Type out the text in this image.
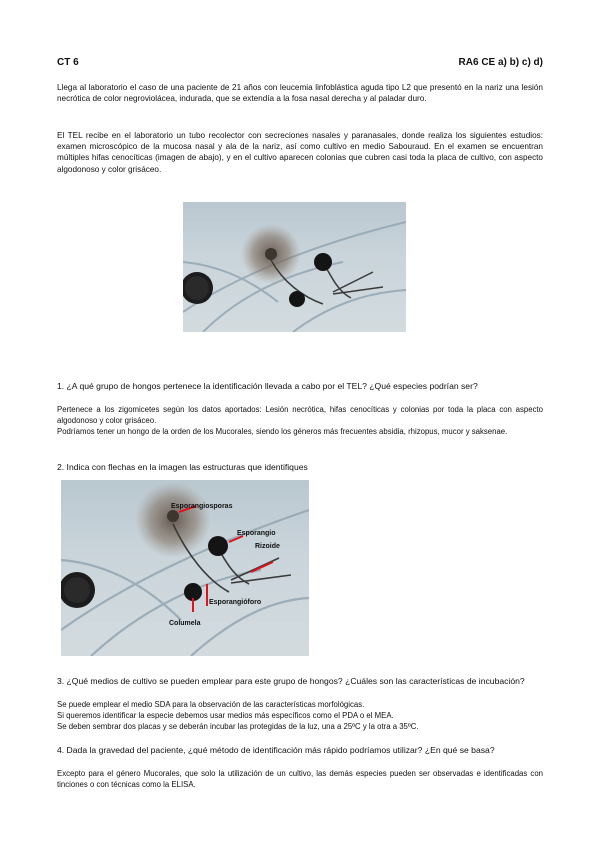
CT 6	RA6 CE a) b) c) d)

Llega al laboratorio el caso de una paciente de 21 años con leucemia linfoblástica aguda tipo L2 que presentó en la nariz una lesión necrótica de color negroviolácea, indurada, que se extendía a la fosa nasal derecha y al paladar duro.

El TEL recibe en el laboratorio un tubo recolector con secreciones nasales y paranasales, donde realiza los siguientes estudios: examen microscópico de la mucosa nasal y ala de la nariz, así como cultivo en medio Sabouraud. En el examen se encuentran múltiples hifas cenocíticas (imagen de abajo), y en el cultivo aparecen colonias que cubren casi toda la placa de cultivo, con aspecto algodonoso y color grisáceo.

1. ¿A qué grupo de hongos pertenece la identificación llevada a cabo por el TEL? ¿Qué especies podrían ser?

Pertenece a los zigomicetes según los datos aportados: Lesión necrótica, hifas cenocíticas y colonias por toda la placa con aspecto algodonoso y color grisáceo.

Podríamos tener un hongo de la orden de los Mucorales, siendo los géneros más frecuentes absidia, rhizopus, mucor y saksenae.

2. Indica con flechas en la imagen las estructuras que identifiques

Esporangiosporas
Esporangio
Rizoide
Esporangióforo
Columela

3. ¿Qué medios de cultivo se pueden emplear para este grupo de hongos? ¿Cuáles son las características de incubación?

Se puede emplear el medio SDA para la observación de las características morfológicas.

Si queremos identificar la especie debemos usar medios más específicos como el PDA o el MEA.

Se deben sembrar dos placas y se deberán incubar las protegidas de la luz, una a 25ºC y la otra a 35ºC.

4. Dada la gravedad del paciente, ¿qué método de identificación más rápido podríamos utilizar? ¿En qué se basa?

Excepto para el género Mucorales, que solo la utilización de un cultivo, las demás especies pueden ser observadas e identificadas con tinciones o con técnicas como la ELISA.
